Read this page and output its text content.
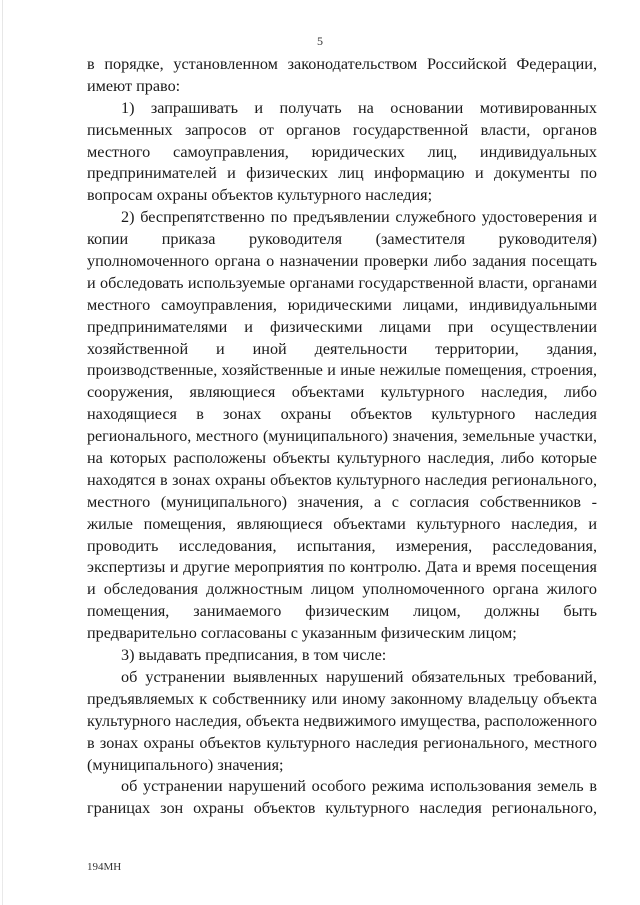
5
в порядке, установленном законодательством Российской Федерации,
имеют право:
1) запрашивать и получать на основании мотивированных
письменных запросов от органов государственной власти, органов
местного самоуправления, юридических лиц, индивидуальных
предпринимателей и физических лиц информацию и документы по
вопросам охраны объектов культурного наследия;
2) беспрепятственно по предъявлении служебного удостоверения и
копии приказа руководителя (заместителя руководителя)
уполномоченного органа о назначении проверки либо задания посещать
и обследовать используемые органами государственной власти, органами
местного самоуправления, юридическими лицами, индивидуальными
предпринимателями и физическими лицами при осуществлении
хозяйственной и иной деятельности территории, здания,
производственные, хозяйственные и иные нежилые помещения, строения,
сооружения, являющиеся объектами культурного наследия, либо
находящиеся в зонах охраны объектов культурного наследия
регионального, местного (муниципального) значения, земельные участки,
на которых расположены объекты культурного наследия, либо которые
находятся в зонах охраны объектов культурного наследия регионального,
местного (муниципального) значения, а с согласия собственников -
жилые помещения, являющиеся объектами культурного наследия, и
проводить исследования, испытания, измерения, расследования,
экспертизы и другие мероприятия по контролю. Дата и время посещения
и обследования должностным лицом уполномоченного органа жилого
помещения, занимаемого физическим лицом, должны быть
предварительно согласованы с указанным физическим лицом;
3) выдавать предписания, в том числе:
об устранении выявленных нарушений обязательных требований,
предъявляемых к собственнику или иному законному владельцу объекта
культурного наследия, объекта недвижимого имущества, расположенного
в зонах охраны объектов культурного наследия регионального, местного
(муниципального) значения;
об устранении нарушений особого режима использования земель в
границах зон охраны объектов культурного наследия регионального,
194МН
